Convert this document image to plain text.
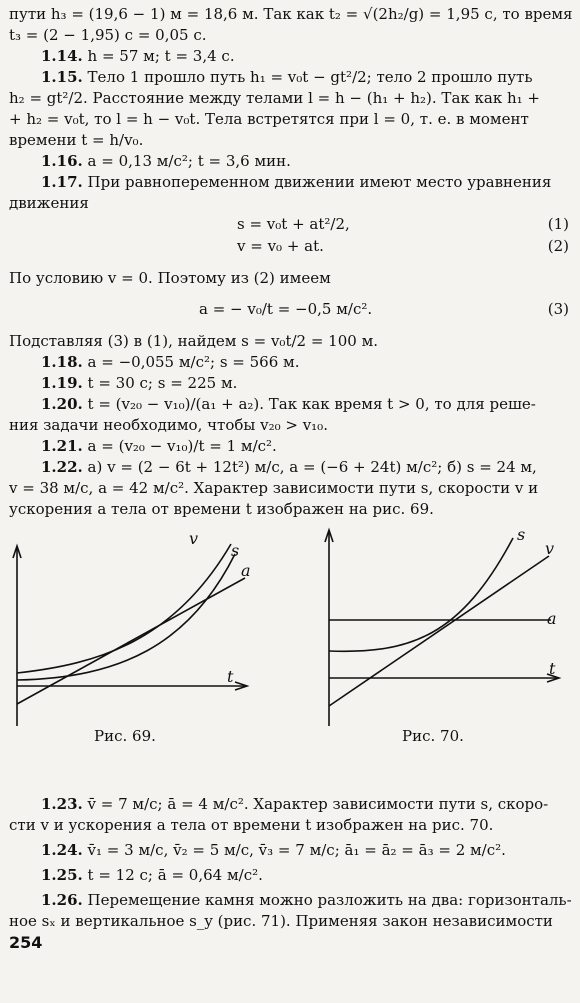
пути h₃ = (19,6 − 1) м = 18,6 м. Так как t₂ = √(2h₂/g) = 1,95 с, то время
t₃ = (2 − 1,95) с = 0,05 с.
1.14. h = 57 м; t = 3,4 с.
1.15. Тело 1 прошло путь h₁ = v₀t − gt²/2; тело 2 прошло путь
h₂ = gt²/2. Расстояние между телами l = h − (h₁ + h₂). Так как h₁ +
+ h₂ = v₀t, то l = h − v₀t. Тела встретятся при l = 0, т. е. в момент
времени t = h/v₀.
1.16. a = 0,13 м/с²; t = 3,6 мин.
1.17. При равнопеременном движении имеют место уравнения
движения
s = v₀t + at²/2,	(1)
v = v₀ + at.	(2)
По условию v = 0. Поэтому из (2) имеем
a = − v₀/t = −0,5 м/с².	(3)
Подставляя (3) в (1), найдем s = v₀t/2 = 100 м.
1.18. a = −0,055 м/с²; s = 566 м.
1.19. t = 30 с; s = 225 м.
1.20. t = (v₂₀ − v₁₀)/(a₁ + a₂). Так как время t > 0, то для реше-
ния задачи необходимо, чтобы v₂₀ > v₁₀.
1.21. a = (v₂₀ − v₁₀)/t = 1 м/с².
1.22. а) v = (2 − 6t + 12t²) м/с, a = (−6 + 24t) м/с²; б) s = 24 м,
v = 38 м/с, a = 42 м/с². Характер зависимости пути s, скорости v и
ускорения a тела от времени t изображен на рис. 69.
v
s
a
t
s
v
a
t
Рис. 69.	Рис. 70.
1.23. v̄ = 7 м/с; ā = 4 м/с². Характер зависимости пути s, скоро-
сти v и ускорения a тела от времени t изображен на рис. 70.
1.24. v̄₁ = 3 м/с, v̄₂ = 5 м/с, v̄₃ = 7 м/с; ā₁ = ā₂ = ā₃ = 2 м/с².
1.25. t = 12 с; ā = 0,64 м/с².
1.26. Перемещение камня можно разложить на два: горизонталь-
ное sₓ и вертикальное s_y (рис. 71). Применяя закон независимости
254
